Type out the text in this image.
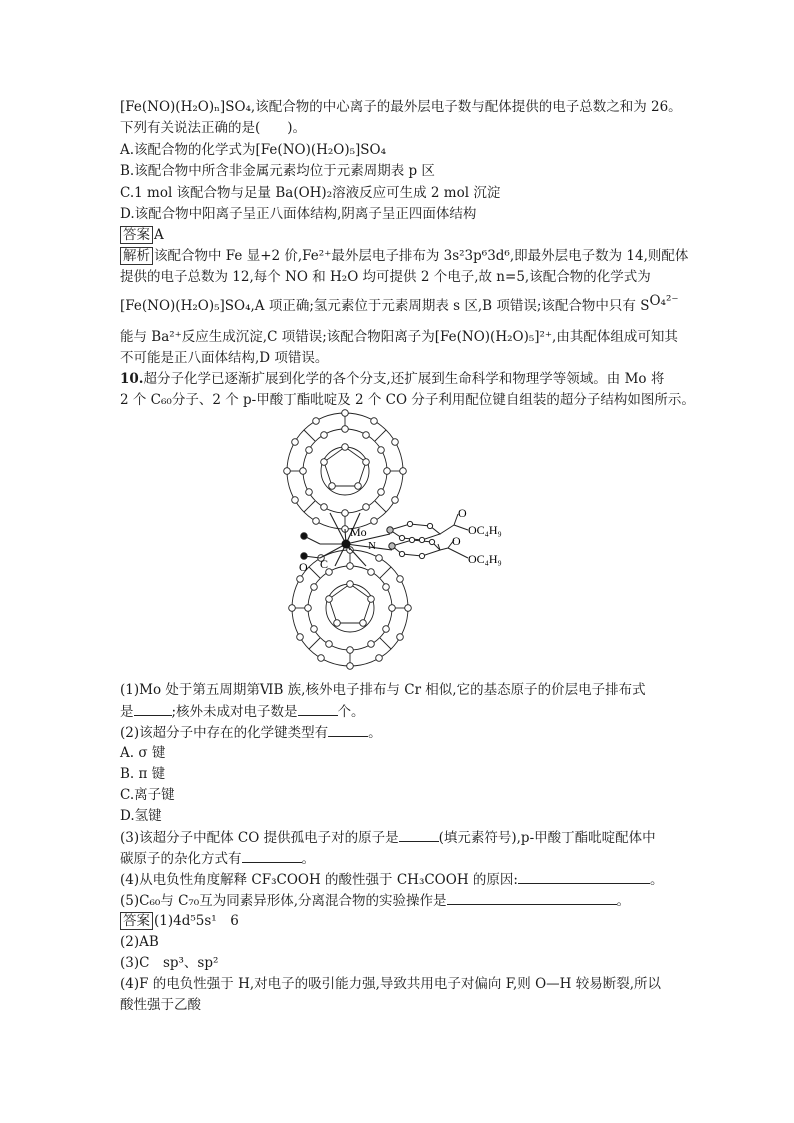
[Fe(NO)(H₂O)ₙ]SO₄,该配合物的中心离子的最外层电子数与配体提供的电子总数之和为 26。
下列有关说法正确的是(　　)。
A.该配合物的化学式为[Fe(NO)(H₂O)₅]SO₄
B.该配合物中所含非金属元素均位于元素周期表 p 区
C.1 mol 该配合物与足量 Ba(OH)₂溶液反应可生成 2 mol 沉淀
D.该配合物中阳离子呈正八面体结构,阴离子呈正四面体结构
答案 A
解析 该配合物中 Fe 显+2 价,Fe²⁺最外层电子排布为 3s²3p⁶3d⁶,即最外层电子数为 14,则配体
提供的电子总数为 12,每个 NO 和 H₂O 均可提供 2 个电子,故 n=5,该配合物的化学式为
[Fe(NO)(H₂O)₅]SO₄,A 项正确;氢元素位于元素周期表 s 区,B 项错误;该配合物中只有 SO₄²⁻
能与 Ba²⁺反应生成沉淀,C 项错误;该配合物阳离子为[Fe(NO)(H₂O)₅]²⁺,由其配体组成可知其
不可能是正八面体结构,D 项错误。
10.超分子化学已逐渐扩展到化学的各个分支,还扩展到生命科学和物理学等领域。由 Mo 将
2 个 C₆₀分子、2 个 p-甲酸丁酯吡啶及 2 个 CO 分子利用配位键自组装的超分子结构如图所示。
Mo
N
C
O
O
O
OC₄H₉
OC₄H₉
(1)Mo 处于第五周期第ⅥB 族,核外电子排布与 Cr 相似,它的基态原子的价层电子排布式
是	;核外未成对电子数是	个。
(2)该超分子中存在的化学键类型有	。
A. σ 键
B. π 键
C.离子键
D.氢键
(3)该超分子中配体 CO 提供孤电子对的原子是	(填元素符号),p-甲酸丁酯吡啶配体中
碳原子的杂化方式有	。
(4)从电负性角度解释 CF₃COOH 的酸性强于 CH₃COOH 的原因:	。
(5)C₆₀与 C₇₀互为同素异形体,分离混合物的实验操作是	。
答案 (1)4d⁵5s¹　6
(2)AB
(3)C　sp³、sp²
(4)F 的电负性强于 H,对电子的吸引能力强,导致共用电子对偏向 F,则 O—H 较易断裂,所以
酸性强于乙酸
